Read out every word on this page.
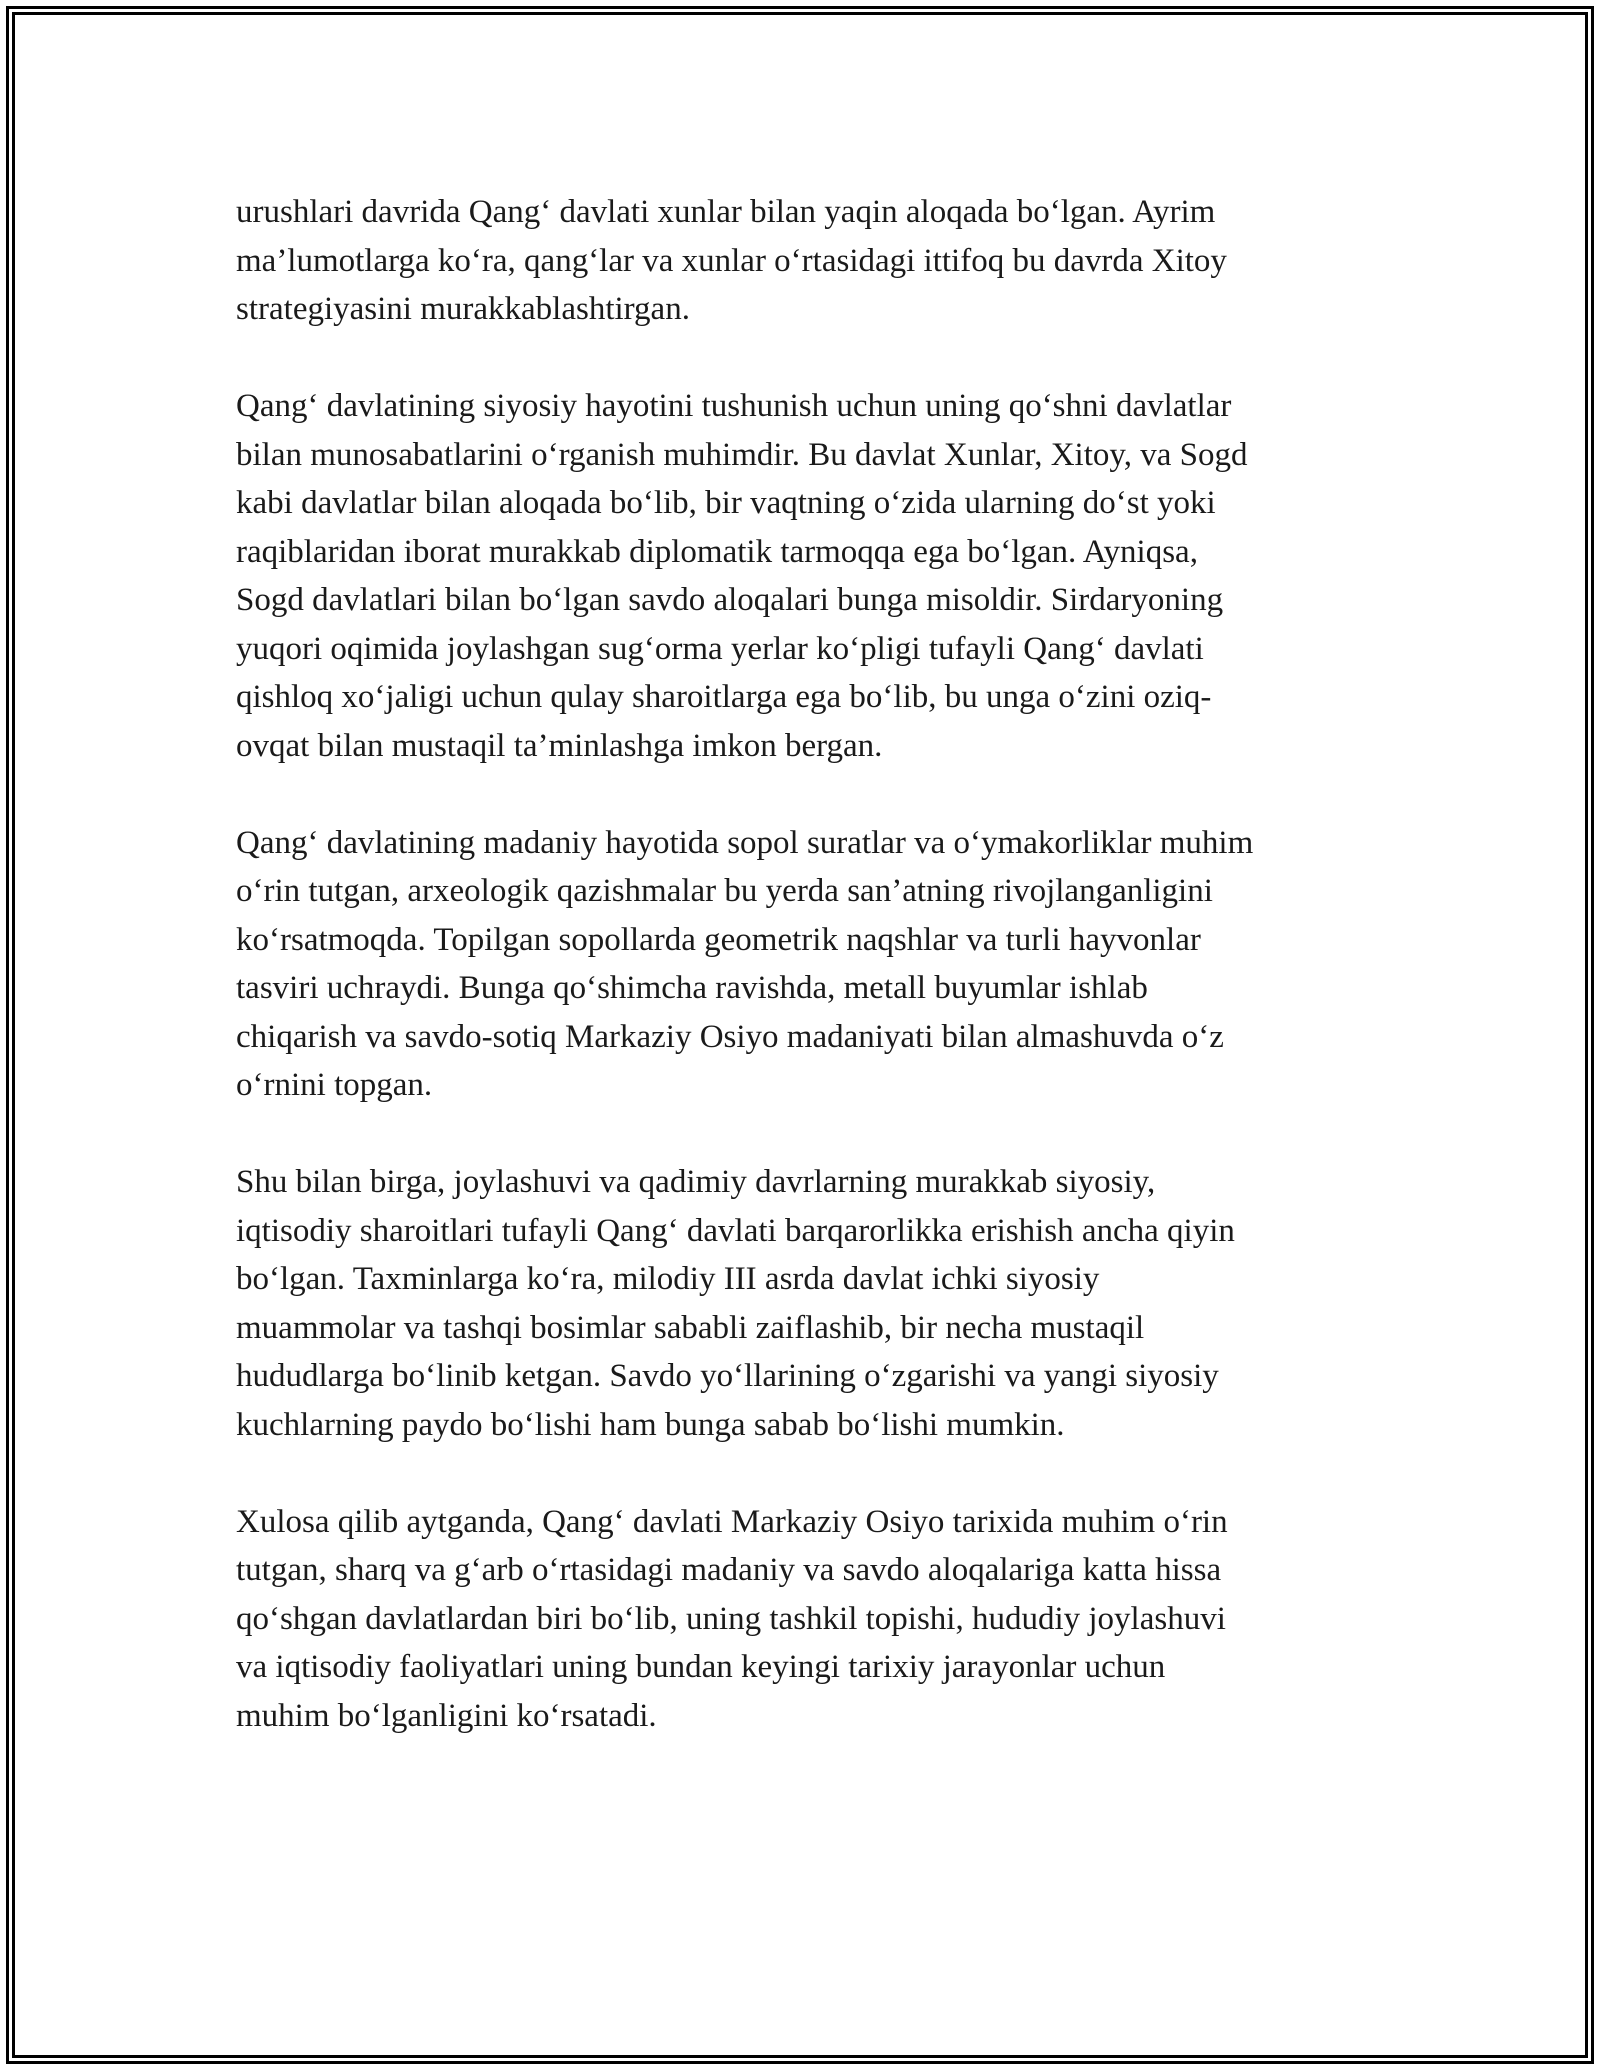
urushlari davrida Qang‘ davlati xunlar bilan yaqin aloqada bo‘lgan. Ayrim
ma’lumotlarga ko‘ra, qang‘lar va xunlar o‘rtasidagi ittifoq bu davrda Xitoy
strategiyasini murakkablashtirgan.

Qang‘ davlatining siyosiy hayotini tushunish uchun uning qo‘shni davlatlar
bilan munosabatlarini o‘rganish muhimdir. Bu davlat Xunlar, Xitoy, va Sogd
kabi davlatlar bilan aloqada bo‘lib, bir vaqtning o‘zida ularning do‘st yoki
raqiblaridan iborat murakkab diplomatik tarmoqqa ega bo‘lgan. Ayniqsa,
Sogd davlatlari bilan bo‘lgan savdo aloqalari bunga misoldir. Sirdaryoning
yuqori oqimida joylashgan sug‘orma yerlar ko‘pligi tufayli Qang‘ davlati
qishloq xo‘jaligi uchun qulay sharoitlarga ega bo‘lib, bu unga o‘zini oziq-
ovqat bilan mustaqil ta’minlashga imkon bergan.

Qang‘ davlatining madaniy hayotida sopol suratlar va o‘ymakorliklar muhim
o‘rin tutgan, arxeologik qazishmalar bu yerda san’atning rivojlanganligini
ko‘rsatmoqda. Topilgan sopollarda geometrik naqshlar va turli hayvonlar
tasviri uchraydi. Bunga qo‘shimcha ravishda, metall buyumlar ishlab
chiqarish va savdo-sotiq Markaziy Osiyo madaniyati bilan almashuvda o‘z
o‘rnini topgan.

Shu bilan birga, joylashuvi va qadimiy davrlarning murakkab siyosiy,
iqtisodiy sharoitlari tufayli Qang‘ davlati barqarorlikka erishish ancha qiyin
bo‘lgan. Taxminlarga ko‘ra, milodiy III asrda davlat ichki siyosiy
muammolar va tashqi bosimlar sababli zaiflashib, bir necha mustaqil
hududlarga bo‘linib ketgan. Savdo yo‘llarining o‘zgarishi va yangi siyosiy
kuchlarning paydo bo‘lishi ham bunga sabab bo‘lishi mumkin.

Xulosa qilib aytganda, Qang‘ davlati Markaziy Osiyo tarixida muhim o‘rin
tutgan, sharq va g‘arb o‘rtasidagi madaniy va savdo aloqalariga katta hissa
qo‘shgan davlatlardan biri bo‘lib, uning tashkil topishi, hududiy joylashuvi
va iqtisodiy faoliyatlari uning bundan keyingi tarixiy jarayonlar uchun
muhim bo‘lganligini ko‘rsatadi.
